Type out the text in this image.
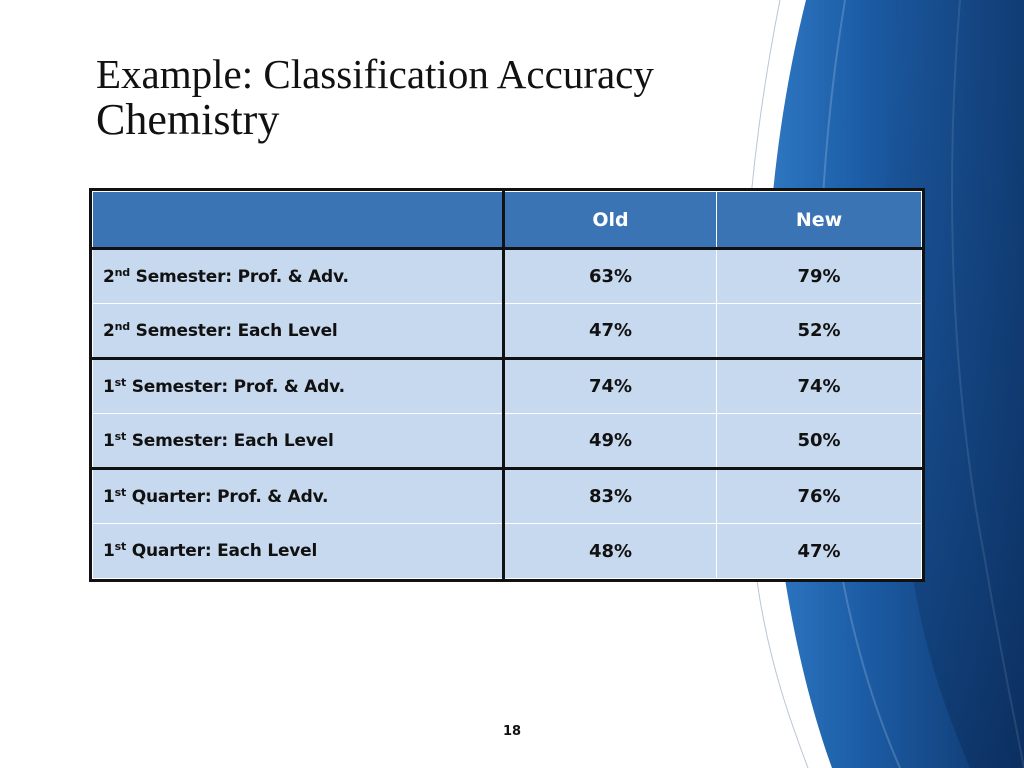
Example: Classification Accuracy
Chemistry
	Old	New
2nd Semester: Prof. & Adv.	63%	79%
2nd Semester: Each Level	47%	52%
1st Semester: Prof. & Adv.	74%	74%
1st Semester: Each Level	49%	50%
1st Quarter: Prof. & Adv.	83%	76%
1st Quarter: Each Level	48%	47%
18
